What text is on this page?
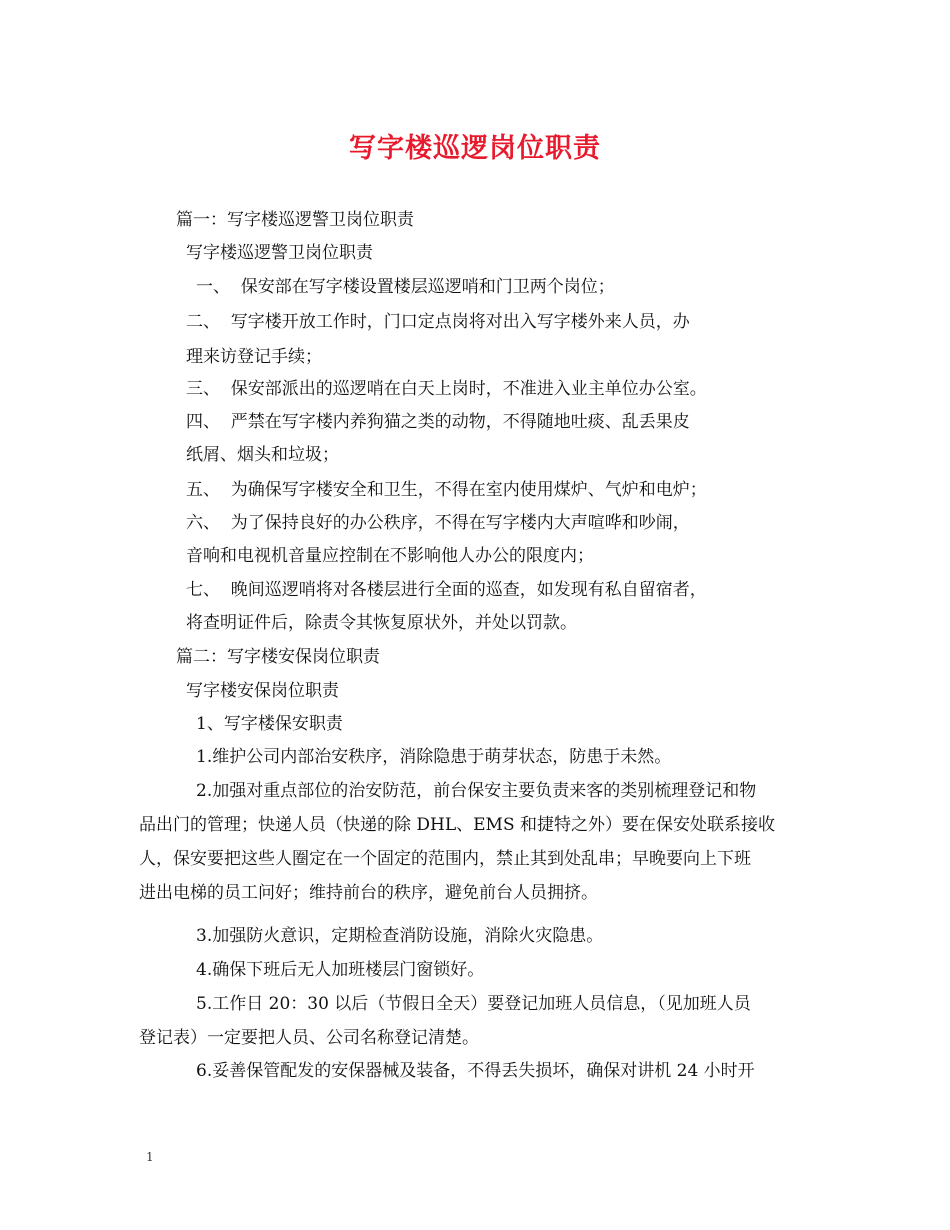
写字楼巡逻岗位职责
篇一：写字楼巡逻警卫岗位职责
写字楼巡逻警卫岗位职责
一、  保安部在写字楼设置楼层巡逻哨和门卫两个岗位；
二、  写字楼开放工作时，门口定点岗将对出入写字楼外来人员，办
理来访登记手续；
三、  保安部派出的巡逻哨在白天上岗时，不准进入业主单位办公室。
四、  严禁在写字楼内养狗猫之类的动物，不得随地吐痰、乱丢果皮
纸屑、烟头和垃圾；
五、  为确保写字楼安全和卫生，不得在室内使用煤炉、气炉和电炉；
六、  为了保持良好的办公秩序，不得在写字楼内大声喧哗和吵闹，
音响和电视机音量应控制在不影响他人办公的限度内；
七、  晚间巡逻哨将对各楼层进行全面的巡查，如发现有私自留宿者，
将查明证件后，除责令其恢复原状外，并处以罚款。
篇二：写字楼安保岗位职责
写字楼安保岗位职责
1、写字楼保安职责
1.维护公司内部治安秩序，消除隐患于萌芽状态，防患于未然。
2.加强对重点部位的治安防范，前台保安主要负责来客的类别梳理登记和物
品出门的管理；快递人员（快递的除 DHL、EMS 和捷特之外）要在保安处联系接收
人，保安要把这些人圈定在一个固定的范围内，禁止其到处乱串；早晚要向上下班
进出电梯的员工问好；维持前台的秩序，避免前台人员拥挤。
3.加强防火意识，定期检查消防设施，消除火灾隐患。
4.确保下班后无人加班楼层门窗锁好。
5.工作日 20：30 以后（节假日全天）要登记加班人员信息，（见加班人员
登记表）一定要把人员、公司名称登记清楚。
6.妥善保管配发的安保器械及装备，不得丢失损坏，确保对讲机 24 小时开
1
